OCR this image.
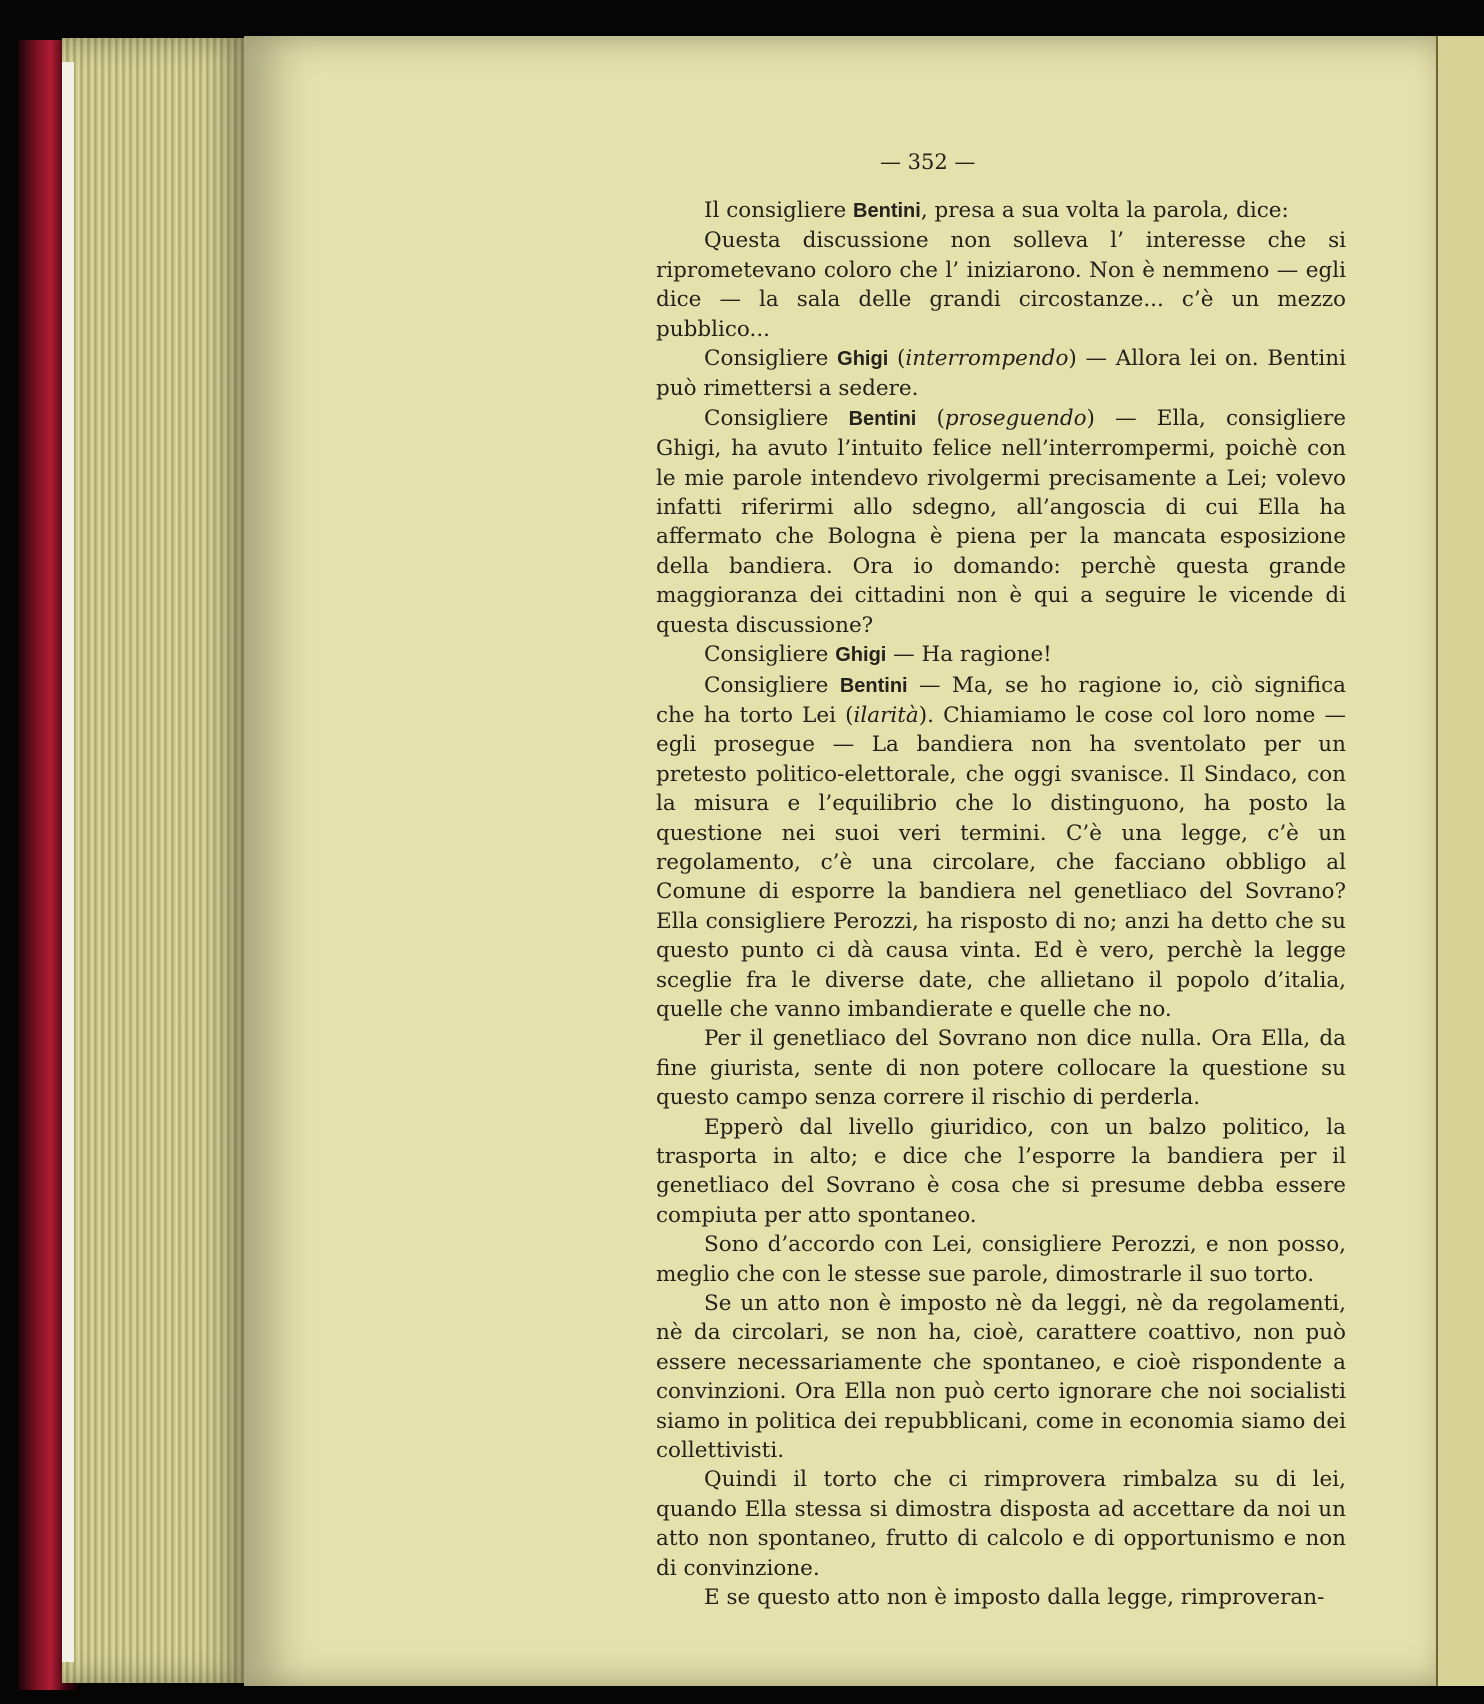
— 352 —

Il consigliere Bentini, presa a sua volta la parola, dice:

Questa discussione non solleva l’ interesse che si riprometevano coloro che l’ iniziarono. Non è nemmeno — egli dice — la sala delle grandi circostanze... c’è un mezzo pubblico...

Consigliere Ghigi (interrompendo) — Allora lei on. Bentini può rimettersi a sedere.

Consigliere Bentini (proseguendo) — Ella, consigliere Ghigi, ha avuto l’intuito felice nell’interrompermi, poichè con le mie parole intendevo rivolgermi precisamente a Lei; volevo infatti riferirmi allo sdegno, all’angoscia di cui Ella ha affermato che Bologna è piena per la mancata esposizione della bandiera. Ora io domando: perchè questa grande maggioranza dei cittadini non è qui a seguire le vicende di questa discussione?

Consigliere Ghigi — Ha ragione!

Consigliere Bentini — Ma, se ho ragione io, ciò significa che ha torto Lei (ilarità). Chiamiamo le cose col loro nome — egli prosegue — La bandiera non ha sventolato per un pretesto politico-elettorale, che oggi svanisce. Il Sindaco, con la misura e l’equilibrio che lo distinguono, ha posto la questione nei suoi veri termini. C’è una legge, c’è un regolamento, c’è una circolare, che facciano obbligo al Comune di esporre la bandiera nel genetliaco del Sovrano? Ella consigliere Perozzi, ha risposto di no; anzi ha detto che su questo punto ci dà causa vinta. Ed è vero, perchè la legge sceglie fra le diverse date, che allietano il popolo d’italia, quelle che vanno imbandierate e quelle che no.

Per il genetliaco del Sovrano non dice nulla. Ora Ella, da fine giurista, sente di non potere collocare la questione su questo campo senza correre il rischio di perderla.

Epperò dal livello giuridico, con un balzo politico, la trasporta in alto; e dice che l’esporre la bandiera per il genetliaco del Sovrano è cosa che si presume debba essere compiuta per atto spontaneo.

Sono d’accordo con Lei, consigliere Perozzi, e non posso, meglio che con le stesse sue parole, dimostrarle il suo torto.

Se un atto non è imposto nè da leggi, nè da regolamenti, nè da circolari, se non ha, cioè, carattere coattivo, non può essere necessariamente che spontaneo, e cioè rispondente a convinzioni. Ora Ella non può certo ignorare che noi socialisti siamo in politica dei repubblicani, come in economia siamo dei collettivisti.

Quindi il torto che ci rimprovera rimbalza su di lei, quando Ella stessa si dimostra disposta ad accettare da noi un atto non spontaneo, frutto di calcolo e di opportunismo e non di convinzione.

E se questo atto non è imposto dalla legge, rimproveran-
